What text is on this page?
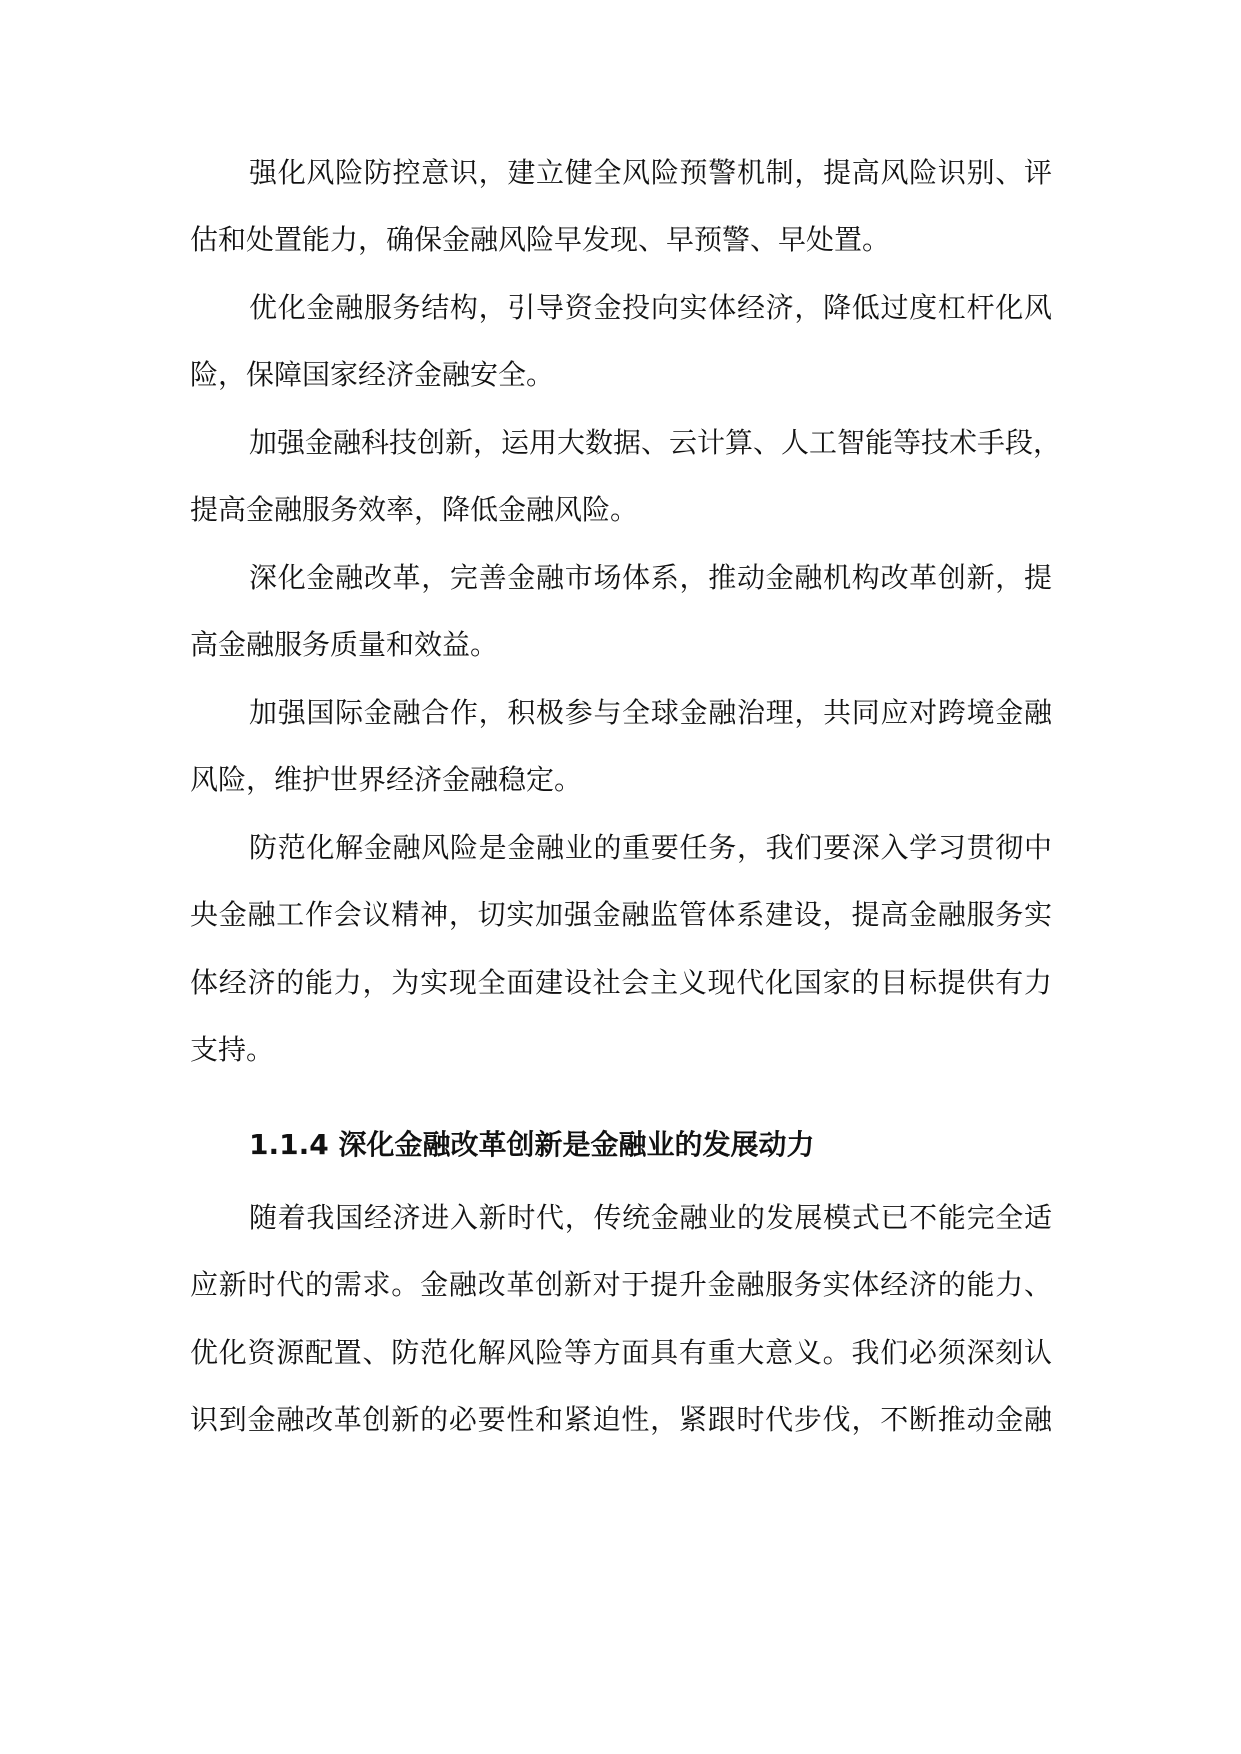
强化风险防控意识，建立健全风险预警机制，提高风险识别、评
估和处置能力，确保金融风险早发现、早预警、早处置。
优化金融服务结构，引导资金投向实体经济，降低过度杠杆化风
险，保障国家经济金融安全。
加强金融科技创新，运用大数据、云计算、人工智能等技术手段，
提高金融服务效率，降低金融风险。
深化金融改革，完善金融市场体系，推动金融机构改革创新，提
高金融服务质量和效益。
加强国际金融合作，积极参与全球金融治理，共同应对跨境金融
风险，维护世界经济金融稳定。
防范化解金融风险是金融业的重要任务，我们要深入学习贯彻中
央金融工作会议精神，切实加强金融监管体系建设，提高金融服务实
体经济的能力，为实现全面建设社会主义现代化国家的目标提供有力
支持。
1.1.4 深化金融改革创新是金融业的发展动力
随着我国经济进入新时代，传统金融业的发展模式已不能完全适
应新时代的需求。金融改革创新对于提升金融服务实体经济的能力、
优化资源配置、防范化解风险等方面具有重大意义。我们必须深刻认
识到金融改革创新的必要性和紧迫性，紧跟时代步伐，不断推动金融
